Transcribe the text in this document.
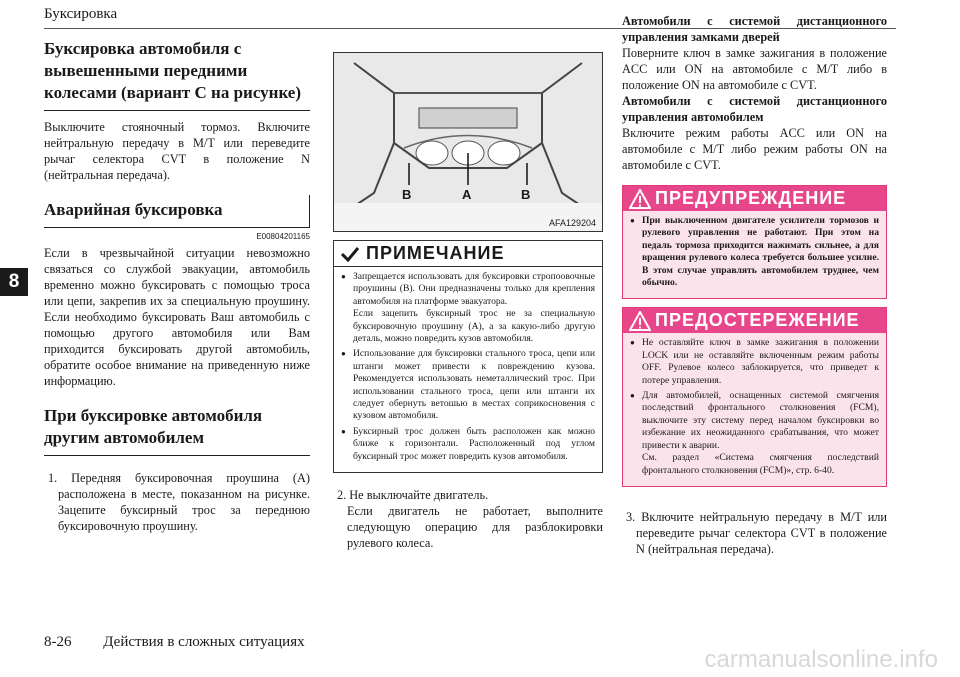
Буксировка
8
Буксировка автомобиля с вывешенными передними колесами (вариант С на рисунке)
Выключите стояночный тормоз. Включите нейтральную передачу в M/T или переведите рычаг селектора CVT в положение N (нейтральная передача).
Аварийная буксировка
E00804201165
Если в чрезвычайной ситуации невозможно связаться со службой эвакуации, автомобиль временно можно буксировать с помощью троса или цепи, закрепив их за специальную проушину. Если необходимо буксировать Ваш автомобиль с помощью другого автомобиля или Вам приходится буксировать другой автомобиль, обратите особое внимание на приведенную ниже информацию.
При буксировке автомобиля другим автомобилем
1. Передняя буксировочная проушина (A) расположена в месте, показанном на рисунке. Зацепите буксирный трос за переднюю буксировочную проушину.
B	A	B
AFA129204
ПРИМЕЧАНИЕ
● Запрещается использовать для буксировки стропоовочные проушины (B). Они предназначены только для крепления автомобиля на платформе эвакуатора.
Если зацепить буксирный трос не за специальную буксировочную проушину (A), а за какую-либо другую деталь, можно повредить кузов автомобиля.
● Использование для буксировки стального троса, цепи или штанги может привести к повреждению кузова. Рекомендуется использовать неметаллический трос. При использовании стального троса, цепи или штанги их следует обернуть ветошью в местах соприкосновения с кузовом автомобиля.
● Буксирный трос должен быть расположен как можно ближе к горизонтали. Расположенный под углом буксирный трос может повредить кузов автомобиля.
2. Не выключайте двигатель.
Если двигатель не работает, выполните следующую операцию для разблокировки рулевого колеса.
Автомобили с системой дистанционного управления замками дверей
Поверните ключ в замке зажигания в положение ACC или ON на автомобиле с M/T либо в положение ON на автомобиле с CVT.
Автомобили с системой дистанционного управления автомобилем
Включите режим работы ACC или ON на автомобиле с M/T либо режим работы ON на автомобиле с CVT.
ПРЕДУПРЕЖДЕНИЕ
● При выключенном двигателе усилители тормозов и рулевого управления не работают. При этом на педаль тормоза приходится нажимать сильнее, а для вращения рулевого колеса требуется большее усилие. В этом случае управлять автомобилем труднее, чем обычно.
ПРЕДОСТЕРЕЖЕНИЕ
● Не оставляйте ключ в замке зажигания в положении LOCK или не оставляйте включенным режим работы OFF. Рулевое колесо заблокируется, что приведет к потере управления.
● Для автомобилей, оснащенных системой смягчения последствий фронтального столкновения (FCM), выключите эту систему перед началом буксировки во избежание их неожиданного срабатывания, что может привести к аварии.
См. раздел «Система смягчения последствий фронтального столкновения (FCM)», стр. 6-40.
3. Включите нейтральную передачу в M/T или переведите рычаг селектора CVT в положение N (нейтральная передача).
8-26 Действия в сложных ситуациях
carmanualsonline.info
